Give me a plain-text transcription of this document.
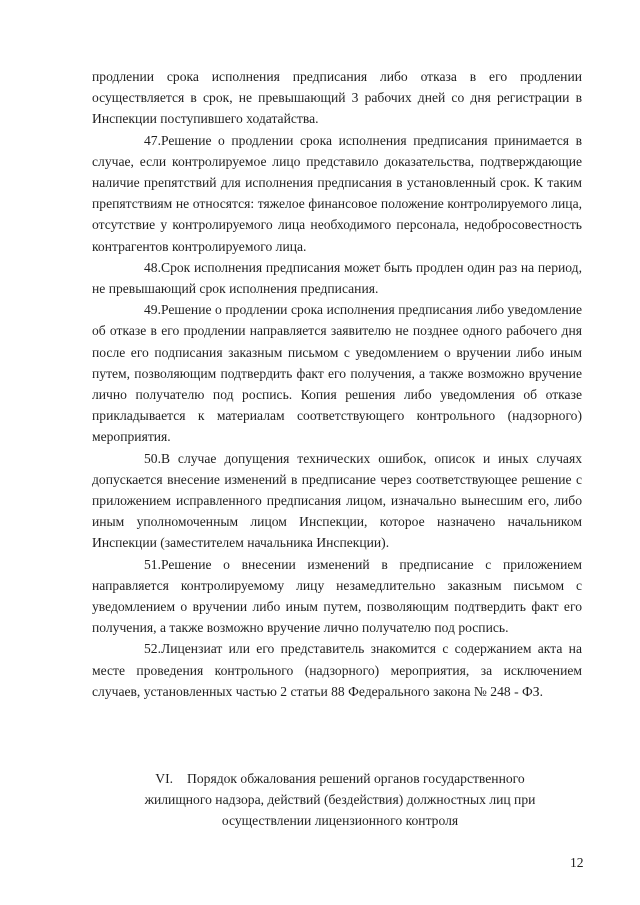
продлении срока исполнения предписания либо отказа в его продлении осуществляется в срок, не превышающий 3 рабочих дней со дня регистрации в Инспекции поступившего ходатайства.

47.Решение о продлении срока исполнения предписания принимается в случае, если контролируемое лицо представило доказательства, подтверждающие наличие препятствий для исполнения предписания в установленный срок. К таким препятствиям не относятся: тяжелое финансовое положение контролируемого лица, отсутствие у контролируемого лица необходимого персонала, недобросовестность контрагентов контролируемого лица.

48.Срок исполнения предписания может быть продлен один раз на период, не превышающий срок исполнения предписания.

49.Решение о продлении срока исполнения предписания либо уведомление об отказе в его продлении направляется заявителю не позднее одного рабочего дня после его подписания заказным письмом с уведомлением о вручении либо иным путем, позволяющим подтвердить факт его получения, а также возможно вручение лично получателю под роспись. Копия решения либо уведомления об отказе прикладывается к материалам соответствующего контрольного (надзорного) мероприятия.

50.В случае допущения технических ошибок, описок и иных случаях допускается внесение изменений в предписание через соответствующее решение с приложением исправленного предписания лицом, изначально вынесшим его, либо иным уполномоченным лицом Инспекции, которое назначено начальником Инспекции (заместителем начальника Инспекции).

51.Решение о внесении изменений в предписание с приложением направляется контролируемому лицу незамедлительно заказным письмом с уведомлением о вручении либо иным путем, позволяющим подтвердить факт его получения, а также возможно вручение лично получателю под роспись.

52.Лицензиат или его представитель знакомится с содержанием акта на месте проведения контрольного (надзорного) мероприятия, за исключением случаев, установленных частью 2 статьи 88 Федерального закона № 248 - ФЗ.

VI. Порядок обжалования решений органов государственного
жилищного надзора, действий (бездействия) должностных лиц при
осуществлении лицензионного контроля
12
